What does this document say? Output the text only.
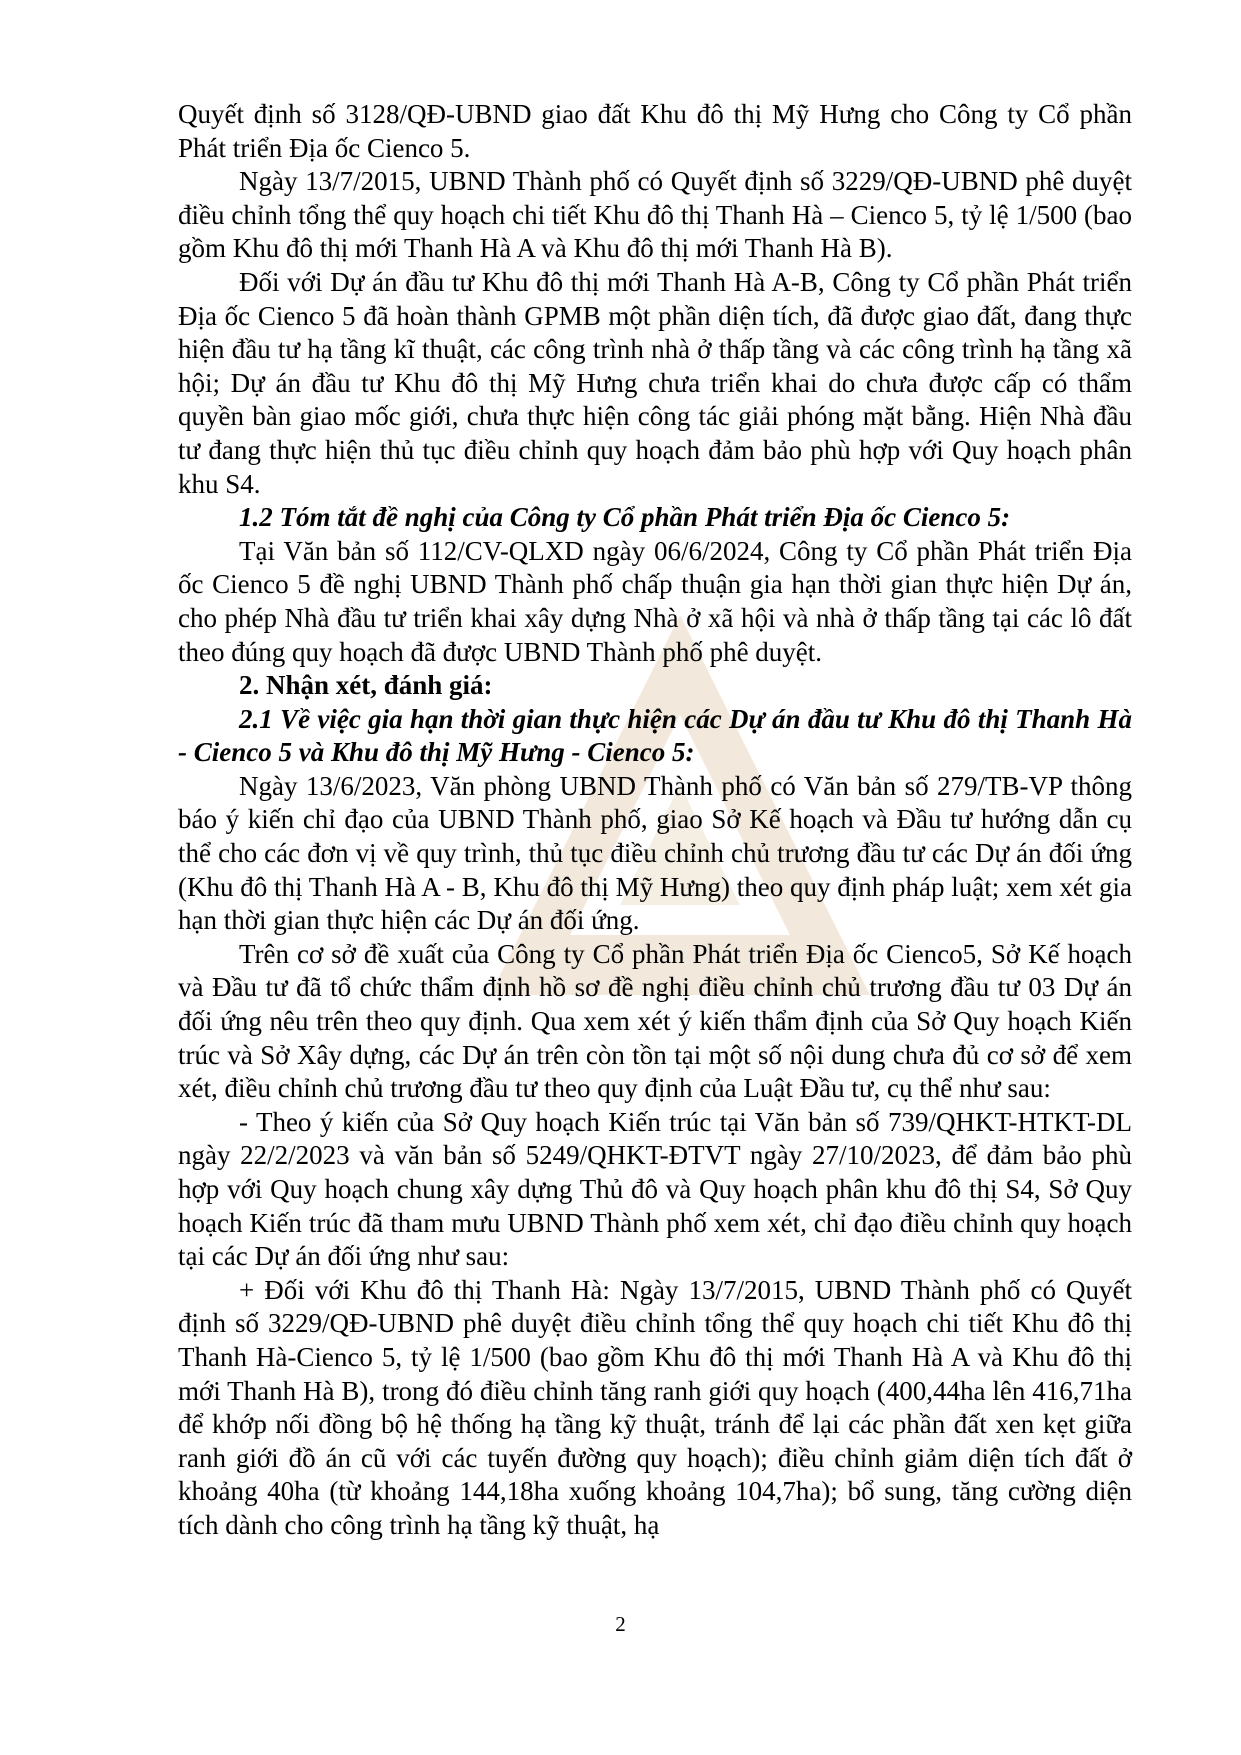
Quyết định số 3128/QĐ-UBND giao đất Khu đô thị Mỹ Hưng cho Công ty Cổ phần Phát triển Địa ốc Cienco 5.

Ngày 13/7/2015, UBND Thành phố có Quyết định số 3229/QĐ-UBND phê duyệt điều chỉnh tổng thể quy hoạch chi tiết Khu đô thị Thanh Hà – Cienco 5, tỷ lệ 1/500 (bao gồm Khu đô thị mới Thanh Hà A và Khu đô thị mới Thanh Hà B).

Đối với Dự án đầu tư Khu đô thị mới Thanh Hà A-B, Công ty Cổ phần Phát triển Địa ốc Cienco 5 đã hoàn thành GPMB một phần diện tích, đã được giao đất, đang thực hiện đầu tư hạ tầng kĩ thuật, các công trình nhà ở thấp tầng và các công trình hạ tầng xã hội; Dự án đầu tư Khu đô thị Mỹ Hưng chưa triển khai do chưa được cấp có thẩm quyền bàn giao mốc giới, chưa thực hiện công tác giải phóng mặt bằng. Hiện Nhà đầu tư đang thực hiện thủ tục điều chỉnh quy hoạch đảm bảo phù hợp với Quy hoạch phân khu S4.

1.2 Tóm tắt đề nghị của Công ty Cổ phần Phát triển Địa ốc Cienco 5:

Tại Văn bản số 112/CV-QLXD ngày 06/6/2024, Công ty Cổ phần Phát triển Địa ốc Cienco 5 đề nghị UBND Thành phố chấp thuận gia hạn thời gian thực hiện Dự án, cho phép Nhà đầu tư triển khai xây dựng Nhà ở xã hội và nhà ở thấp tầng tại các lô đất theo đúng quy hoạch đã được UBND Thành phố phê duyệt.

2. Nhận xét, đánh giá:

2.1 Về việc gia hạn thời gian thực hiện các Dự án đầu tư Khu đô thị Thanh Hà - Cienco 5 và Khu đô thị Mỹ Hưng - Cienco 5:

Ngày 13/6/2023, Văn phòng UBND Thành phố có Văn bản số 279/TB-VP thông báo ý kiến chỉ đạo của UBND Thành phố, giao Sở Kế hoạch và Đầu tư hướng dẫn cụ thể cho các đơn vị về quy trình, thủ tục điều chỉnh chủ trương đầu tư các Dự án đối ứng (Khu đô thị Thanh Hà A - B, Khu đô thị Mỹ Hưng) theo quy định pháp luật; xem xét gia hạn thời gian thực hiện các Dự án đối ứng.

Trên cơ sở đề xuất của Công ty Cổ phần Phát triển Địa ốc Cienco5, Sở Kế hoạch và Đầu tư đã tổ chức thẩm định hồ sơ đề nghị điều chỉnh chủ trương đầu tư 03 Dự án đối ứng nêu trên theo quy định. Qua xem xét ý kiến thẩm định của Sở Quy hoạch Kiến trúc và Sở Xây dựng, các Dự án trên còn tồn tại một số nội dung chưa đủ cơ sở để xem xét, điều chỉnh chủ trương đầu tư theo quy định của Luật Đầu tư, cụ thể như sau:

- Theo ý kiến của Sở Quy hoạch Kiến trúc tại Văn bản số 739/QHKT-HTKT-DL ngày 22/2/2023 và văn bản số 5249/QHKT-ĐTVT ngày 27/10/2023, để đảm bảo phù hợp với Quy hoạch chung xây dựng Thủ đô và Quy hoạch phân khu đô thị S4, Sở Quy hoạch Kiến trúc đã tham mưu UBND Thành phố xem xét, chỉ đạo điều chỉnh quy hoạch tại các Dự án đối ứng như sau:

+ Đối với Khu đô thị Thanh Hà: Ngày 13/7/2015, UBND Thành phố có Quyết định số 3229/QĐ-UBND phê duyệt điều chỉnh tổng thể quy hoạch chi tiết Khu đô thị Thanh Hà-Cienco 5, tỷ lệ 1/500 (bao gồm Khu đô thị mới Thanh Hà A và Khu đô thị mới Thanh Hà B), trong đó điều chỉnh tăng ranh giới quy hoạch (400,44ha lên 416,71ha để khớp nối đồng bộ hệ thống hạ tầng kỹ thuật, tránh để lại các phần đất xen kẹt giữa ranh giới đồ án cũ với các tuyến đường quy hoạch); điều chỉnh giảm diện tích đất ở khoảng 40ha (từ khoảng 144,18ha xuống khoảng 104,7ha); bổ sung, tăng cường diện tích dành cho công trình hạ tầng kỹ thuật, hạ

2
